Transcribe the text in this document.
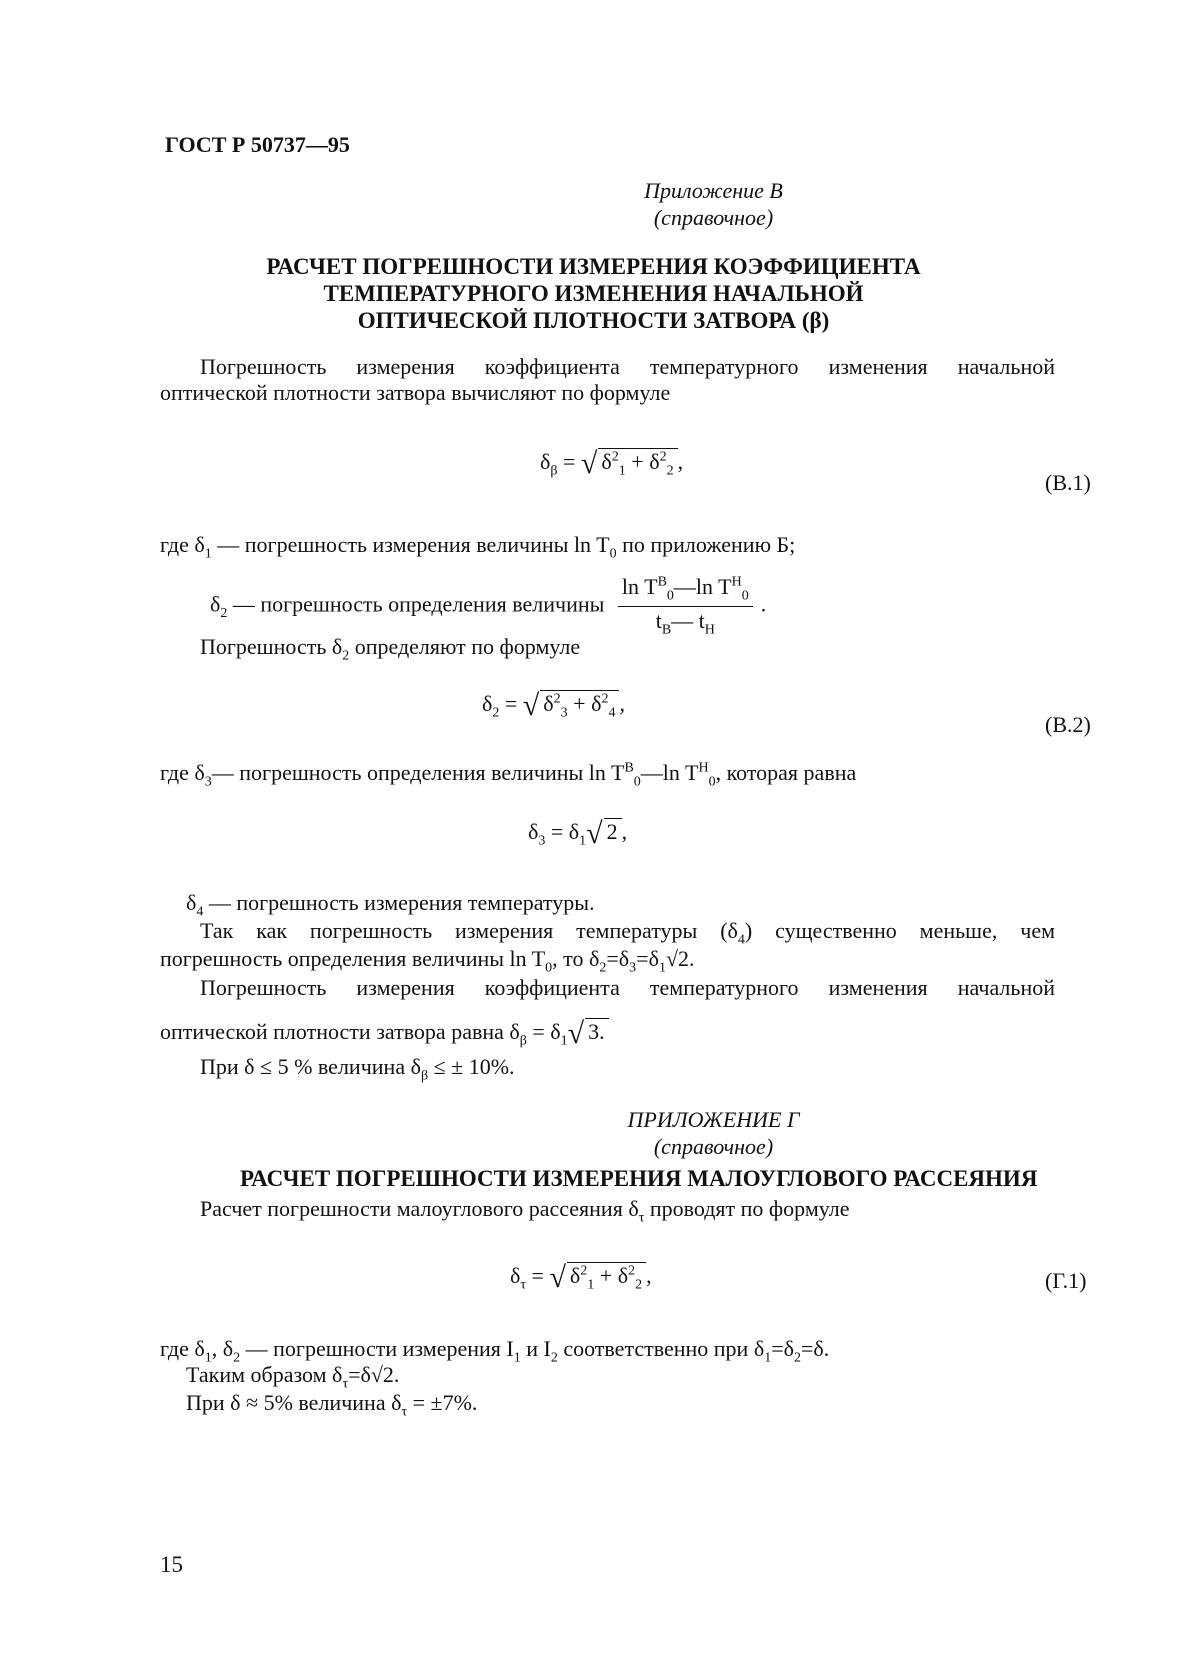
ГОСТ Р 50737—95
Приложение В
(справочное)
РАСЧЕТ ПОГРЕШНОСТИ ИЗМЕРЕНИЯ КОЭФФИЦИЕНТА
ТЕМПЕРАТУРНОГО ИЗМЕНЕНИЯ НАЧАЛЬНОЙ
ОПТИЧЕСКОЙ ПЛОТНОСТИ ЗАТВОРА (β)
Погрешность измерения коэффициента температурного изменения начальной
оптической плотности затвора вычисляют по формуле
$\delta_\beta$ = √ $\delta^2_1 + \delta^2_2$ ,
(В.1)
где $\delta_1$ — погрешность измерения величины $\ln T_0$ по приложению Б;
$\delta_2$ — погрешность определения величины $\frac{\ln T^В_0—\ln T^Н_0}{t_В— t_Н}$ .
Погрешность $\delta_2$ определяют по формуле
$\delta_2$ = √ $\delta^2_3 + \delta^2_4$ ,
(В.2)
где $\delta_3—$ погрешность определения величины $\ln T^В_0—\ln$ $T^Н_0$, которая равна
$\delta_3 = \delta_1√$ 2 ,
$\delta_4$ — погрешность измерения температуры.
Так как погрешность измерения температуры $(\delta_4)$ существенно меньше, чем
погрешность определения величины $\ln T_0$, то $\delta_2=\delta_3=\delta_1√2$.
Погрешность измерения коэффициента температурного изменения начальной
оптической плотности затвора равна $\delta_\beta = \delta_1√$ 3.
При δ ≤ 5 % величина $\delta_\beta$ ≤ ± 10%.
ПРИЛОЖЕНИЕ Г
(справочное)
РАСЧЕТ ПОГРЕШНОСТИ ИЗМЕРЕНИЯ МАЛОУГЛОВОГО РАССЕЯНИЯ
Расчет погрешности малоуглового рассеяния $\delta_\tau$ проводят по формуле
$\delta_\tau$ = √ $\delta^2_1 + \delta^2_2$ ,	(Г.1)
где $\delta_1$, $\delta_2$ — погрешности измерения $I_1$ и $I_2$ соответственно при $\delta_1=\delta_2=\delta$.
Таким образом $\delta_\tau=\delta√2$.
При δ ≈ 5% величина $\delta_\tau = \pm 7\%$.
15
